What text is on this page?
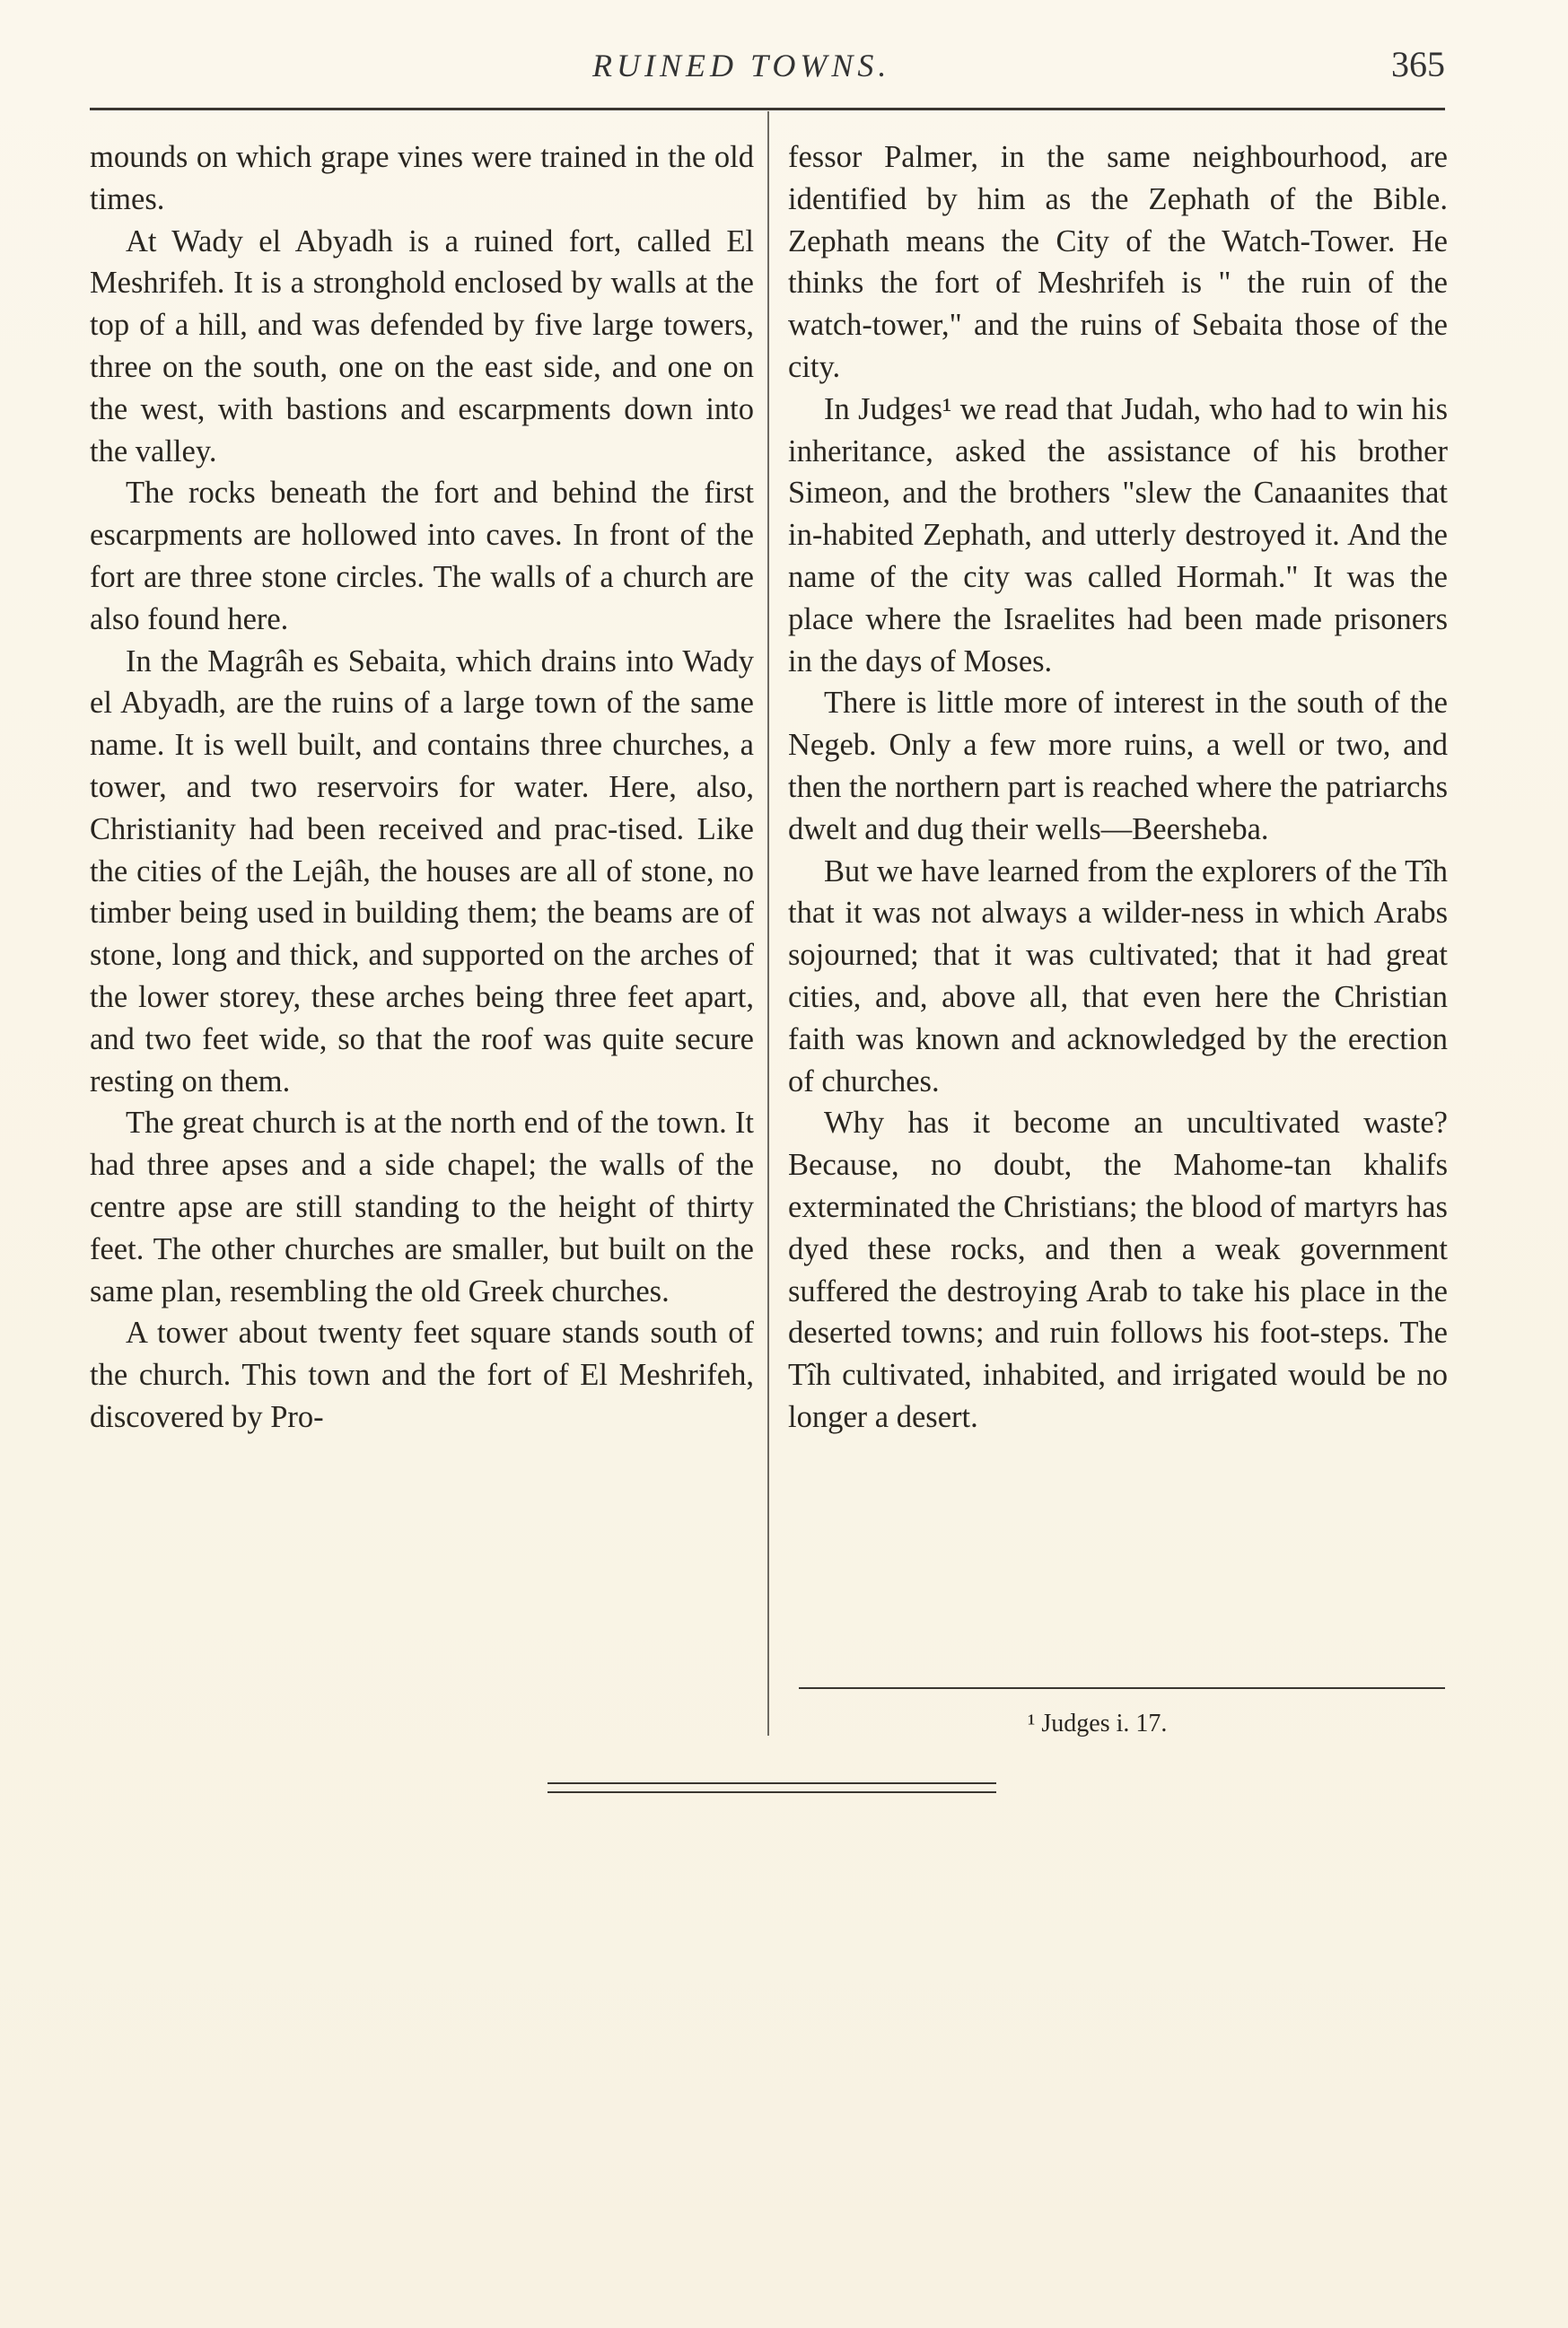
RUINED TOWNS.	365

mounds on which grape vines were trained in the old times.

At Wady el Abyadh is a ruined fort, called El Meshrifeh. It is a stronghold enclosed by walls at the top of a hill, and was defended by five large towers, three on the south, one on the east side, and one on the west, with bastions and escarpments down into the valley.

The rocks beneath the fort and behind the first escarpments are hollowed into caves. In front of the fort are three stone circles. The walls of a church are also found here.

In the Magrâh es Sebaita, which drains into Wady el Abyadh, are the ruins of a large town of the same name. It is well built, and contains three churches, a tower, and two reservoirs for water. Here, also, Christianity had been received and prac-tised. Like the cities of the Lejâh, the houses are all of stone, no timber being used in building them; the beams are of stone, long and thick, and supported on the arches of the lower storey, these arches being three feet apart, and two feet wide, so that the roof was quite secure resting on them.

The great church is at the north end of the town. It had three apses and a side chapel; the walls of the centre apse are still standing to the height of thirty feet. The other churches are smaller, but built on the same plan, resembling the old Greek churches.

A tower about twenty feet square stands south of the church. This town and the fort of El Meshrifeh, discovered by Pro-

fessor Palmer, in the same neighbourhood, are identified by him as the Zephath of the Bible. Zephath means the City of the Watch-Tower. He thinks the fort of Meshrifeh is " the ruin of the watch-tower," and the ruins of Sebaita those of the city.

In Judges¹ we read that Judah, who had to win his inheritance, asked the assistance of his brother Simeon, and the brothers "slew the Canaanites that in-habited Zephath, and utterly destroyed it. And the name of the city was called Hormah." It was the place where the Israelites had been made prisoners in the days of Moses.

There is little more of interest in the south of the Negeb. Only a few more ruins, a well or two, and then the northern part is reached where the patriarchs dwelt and dug their wells—Beersheba.

But we have learned from the explorers of the Tîh that it was not always a wilder-ness in which Arabs sojourned; that it was cultivated; that it had great cities, and, above all, that even here the Christian faith was known and acknowledged by the erection of churches.

Why has it become an uncultivated waste? Because, no doubt, the Mahome-tan khalifs exterminated the Christians; the blood of martyrs has dyed these rocks, and then a weak government suffered the destroying Arab to take his place in the deserted towns; and ruin follows his foot-steps. The Tîh cultivated, inhabited, and irrigated would be no longer a desert.

¹ Judges i. 17.
